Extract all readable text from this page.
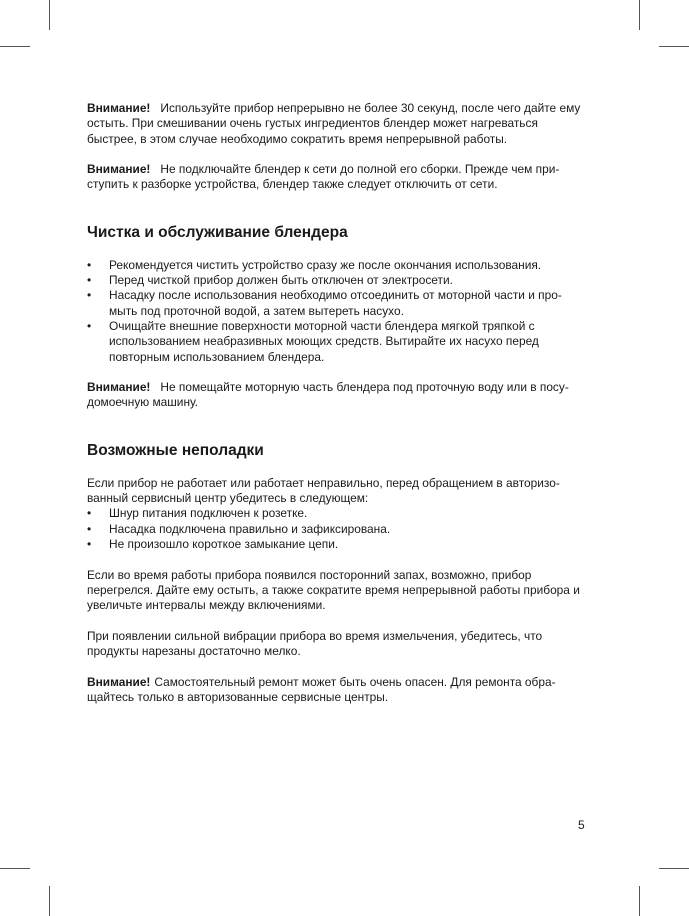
Внимание! Используйте прибор непрерывно не более 30 секунд, после чего дайте ему остыть. При смешивании очень густых ингредиентов блендер может нагреваться быстрее, в этом случае необходимо сократить время непрерывной работы.

Внимание! Не подключайте блендер к сети до полной его сборки. Прежде чем при-ступить к разборке устройства, блендер также следует отключить от сети.

Чистка и обслуживание блендера
• Рекомендуется чистить устройство сразу же после окончания использования.
• Перед чисткой прибор должен быть отключен от электросети.
• Насадку после использования необходимо отсоединить от моторной части и про-мыть под проточной водой, а затем вытереть насухо.
• Очищайте внешние поверхности моторной части блендера мягкой тряпкой с использованием неабразивных моющих средств. Вытирайте их насухо перед повторным использованием блендера.

Внимание! Не помещайте моторную часть блендера под проточную воду или в посу-домоечную машину.

Возможные неполадки

Если прибор не работает или работает неправильно, перед обращением в авторизо-ванный сервисный центр убедитесь в следующем:

• Шнур питания подключен к розетке.
• Насадка подключена правильно и зафиксирована.
• Не произошло короткое замыкание цепи.

Если во время работы прибора появился посторонний запах, возможно, прибор перегрелся. Дайте ему остыть, а также сократите время непрерывной работы прибора и увеличьте интервалы между включениями.

При появлении сильной вибрации прибора во время измельчения, убедитесь, что продукты нарезаны достаточно мелко.

Внимание! Самостоятельный ремонт может быть очень опасен. Для ремонта обра-щайтесь только в авторизованные сервисные центры.

5
